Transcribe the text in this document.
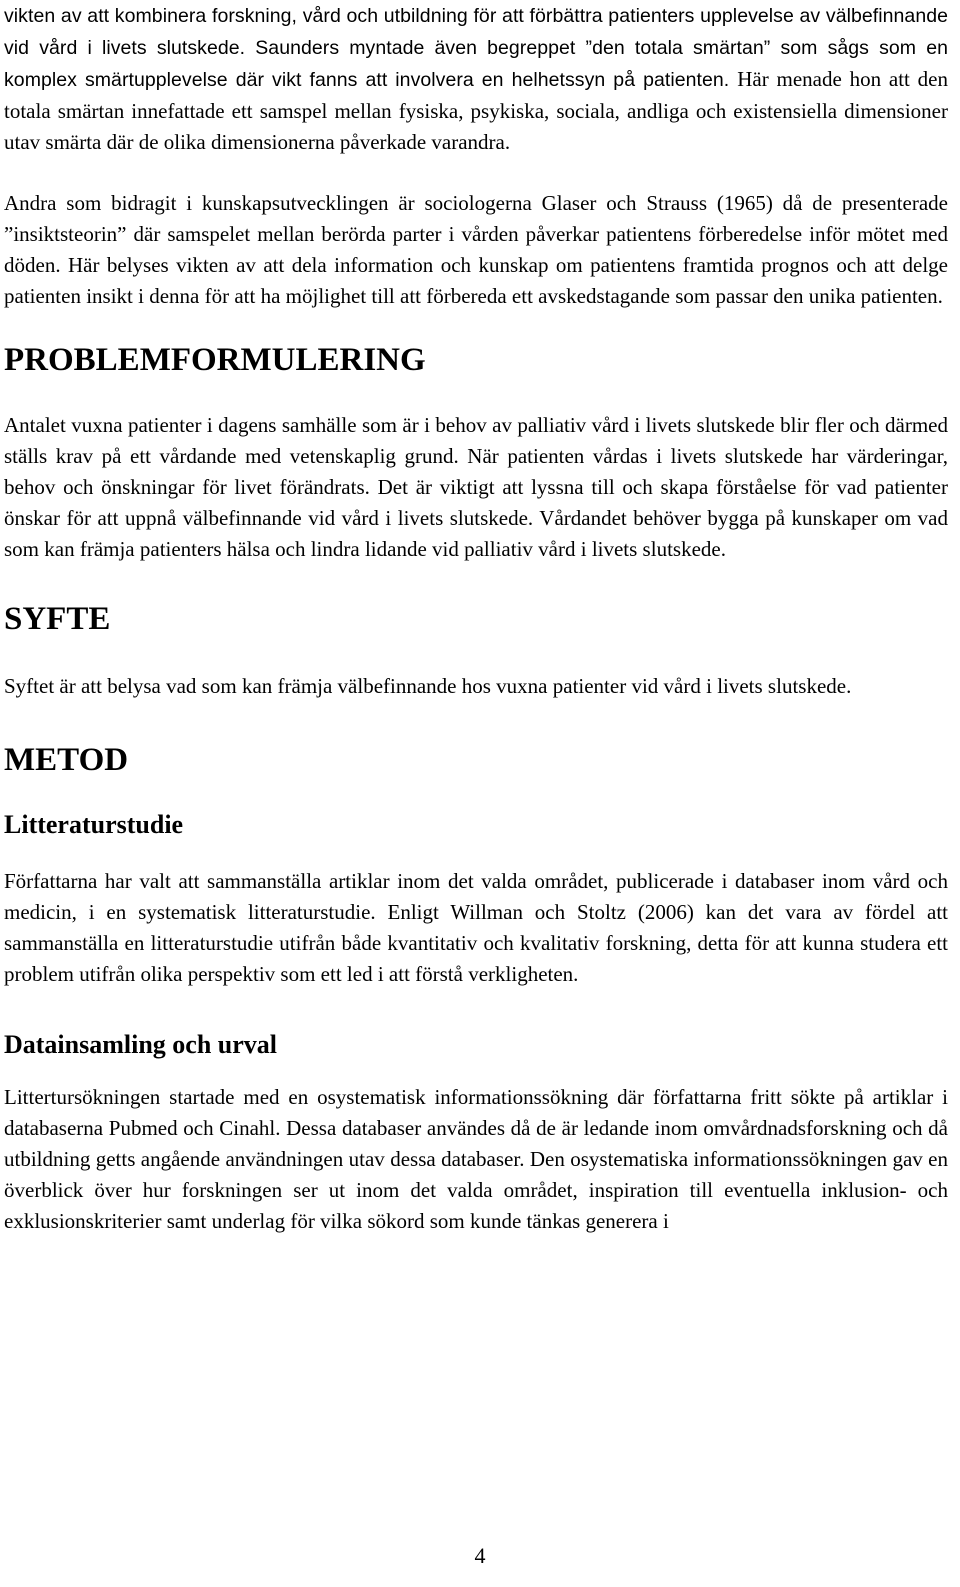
vikten av att kombinera forskning, vård och utbildning för att förbättra patienters upplevelse av välbefinnande vid vård i livets slutskede. Saunders myntade även begreppet ”den totala smärtan” som sågs som en komplex smärtupplevelse där vikt fanns att involvera en helhetssyn på patienten. Här menade hon att den totala smärtan innefattade ett samspel mellan fysiska, psykiska, sociala, andliga och existensiella dimensioner utav smärta där de olika dimensionerna påverkade varandra.

Andra som bidragit i kunskapsutvecklingen är sociologerna Glaser och Strauss (1965) då de presenterade ”insiktsteorin” där samspelet mellan berörda parter i vården påverkar patientens förberedelse inför mötet med döden. Här belyses vikten av att dela information och kunskap om patientens framtida prognos och att delge patienten insikt i denna för att ha möjlighet till att förbereda ett avskedstagande som passar den unika patienten.

PROBLEMFORMULERING

Antalet vuxna patienter i dagens samhälle som är i behov av palliativ vård i livets slutskede blir fler och därmed ställs krav på ett vårdande med vetenskaplig grund. När patienten vårdas i livets slutskede har värderingar, behov och önskningar för livet förändrats. Det är viktigt att lyssna till och skapa förståelse för vad patienter önskar för att uppnå välbefinnande vid vård i livets slutskede. Vårdandet behöver bygga på kunskaper om vad som kan främja patienters hälsa och lindra lidande vid palliativ vård i livets slutskede.

SYFTE

Syftet är att belysa vad som kan främja välbefinnande hos vuxna patienter vid vård i livets slutskede.

METOD
Litteraturstudie

Författarna har valt att sammanställa artiklar inom det valda området, publicerade i databaser inom vård och medicin, i en systematisk litteraturstudie. Enligt Willman och Stoltz (2006) kan det vara av fördel att sammanställa en litteraturstudie utifrån både kvantitativ och kvalitativ forskning, detta för att kunna studera ett problem utifrån olika perspektiv som ett led i att förstå verkligheten.

Datainsamling och urval

Littertursökningen startade med en osystematisk informationssökning där författarna fritt sökte på artiklar i databaserna Pubmed och Cinahl. Dessa databaser användes då de är ledande inom omvårdnadsforskning och då utbildning getts angående användningen utav dessa databaser. Den osystematiska informationssökningen gav en överblick över hur forskningen ser ut inom det valda området, inspiration till eventuella inklusion- och exklusionskriterier samt underlag för vilka sökord som kunde tänkas generera i

4
